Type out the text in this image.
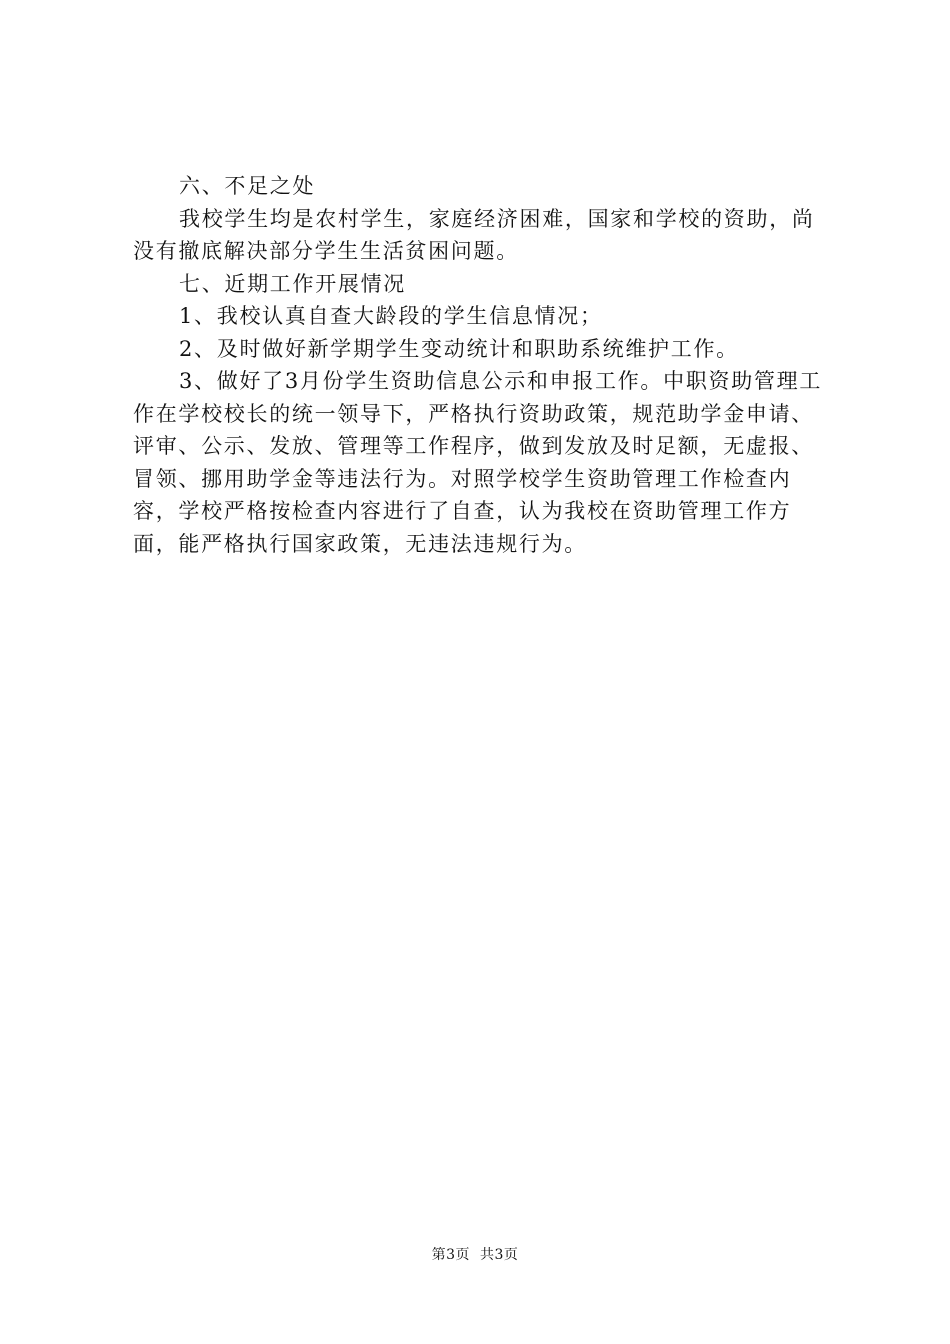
六、不足之处

我校学生均是农村学生，家庭经济困难，国家和学校的资助，尚没有撤底解决部分学生生活贫困问题。

七、近期工作开展情况

1、我校认真自查大龄段的学生信息情况；

2、及时做好新学期学生变动统计和职助系统维护工作。

3、做好了3月份学生资助信息公示和申报工作。中职资助管理工作在学校校长的统一领导下，严格执行资助政策，规范助学金申请、评审、公示、发放、管理等工作程序，做到发放及时足额，无虚报、冒领、挪用助学金等违法行为。对照学校学生资助管理工作检查内容，学校严格按检查内容进行了自查，认为我校在资助管理工作方面，能严格执行国家政策，无违法违规行为。

第3页 共3页
